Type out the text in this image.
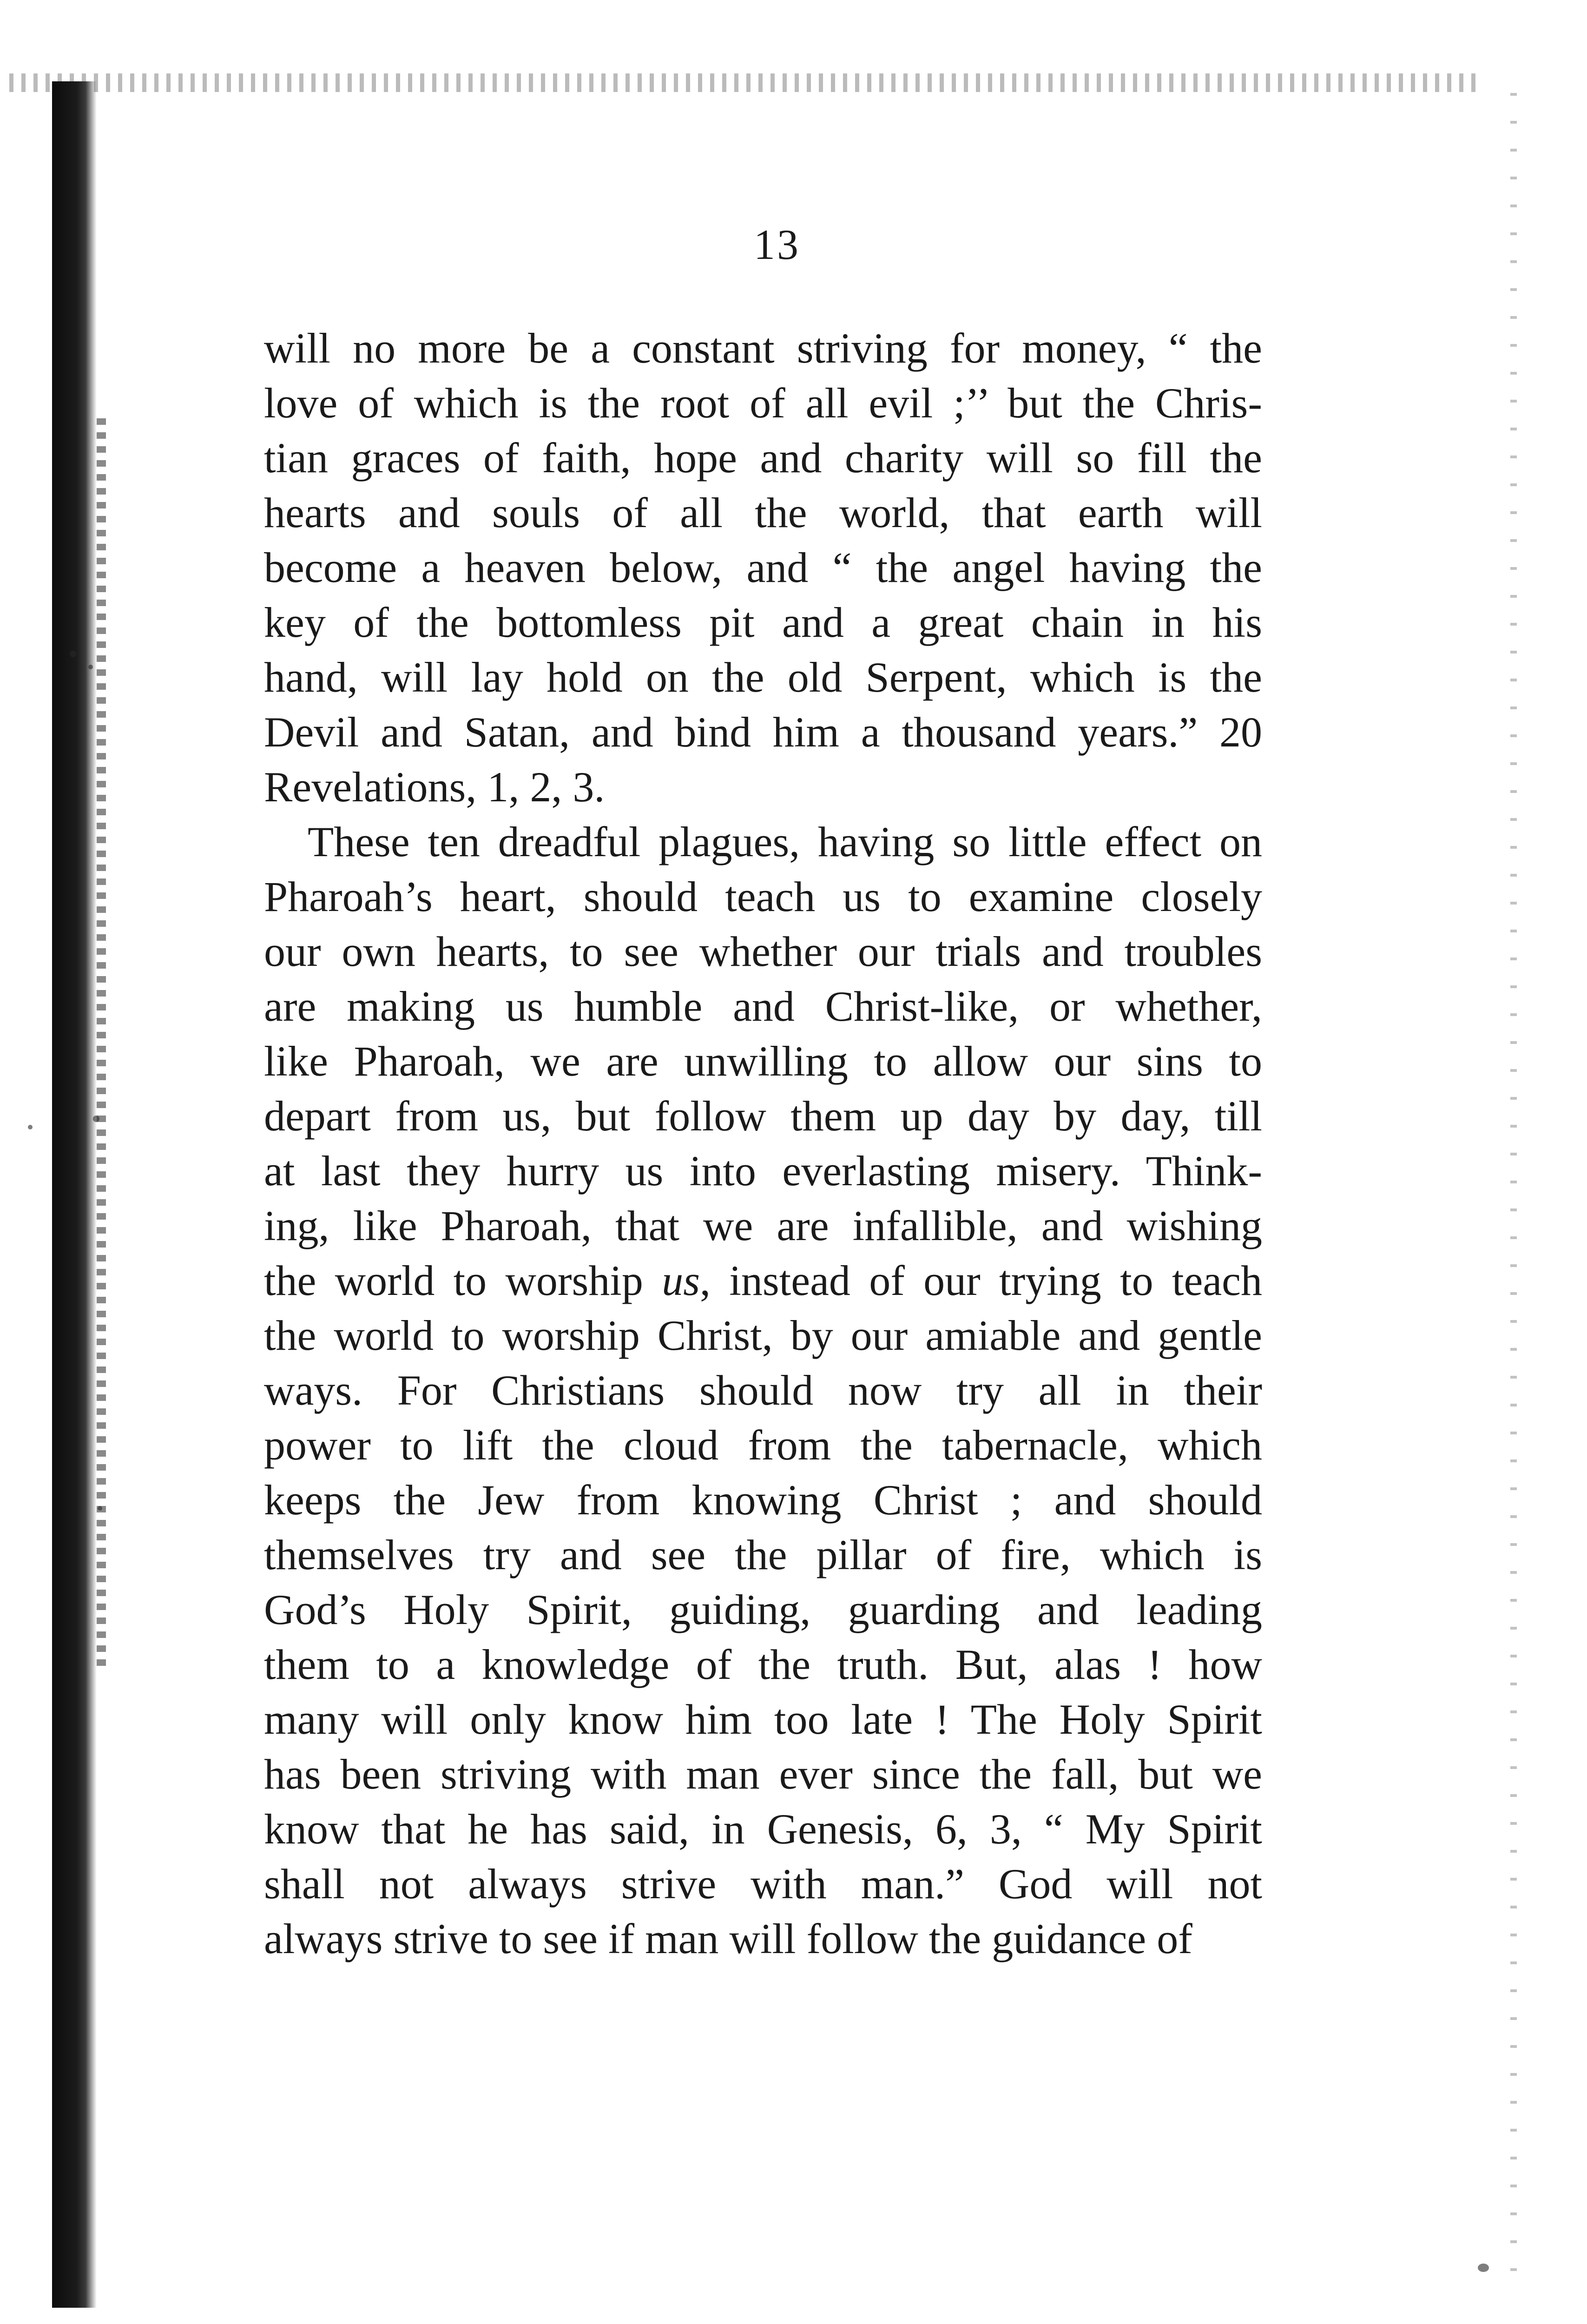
13
will no more be a constant striving for money, “ the
love of which is the root of all evil ;’’ but the Chris-
tian graces of faith, hope and charity will so fill the
hearts and souls of all the world, that earth will
become a heaven below, and “ the angel having the
key of the bottomless pit and a great chain in his
hand, will lay hold on the old Serpent, which is the
Devil and Satan, and bind him a thousand years.” 20
Revelations, 1, 2, 3.
These ten dreadful plagues, having so little effect on
Pharoah’s heart, should teach us to examine closely
our own hearts, to see whether our trials and troubles
are making us humble and Christ-like, or whether,
like Pharoah, we are unwilling to allow our sins to
depart from us, but follow them up day by day, till
at last they hurry us into everlasting misery. Think-
ing, like Pharoah, that we are infallible, and wishing
the world to worship us, instead of our trying to teach
the world to worship Christ, by our amiable and gentle
ways. For Christians should now try all in their
power to lift the cloud from the tabernacle, which
keeps the Jew from knowing Christ ; and should
themselves try and see the pillar of fire, which is
God’s Holy Spirit, guiding, guarding and leading
them to a knowledge of the truth. But, alas ! how
many will only know him too late ! The Holy Spirit
has been striving with man ever since the fall, but we
know that he has said, in Genesis, 6, 3, “ My Spirit
shall not always strive with man.” God will not
always strive to see if man will follow the guidance of
